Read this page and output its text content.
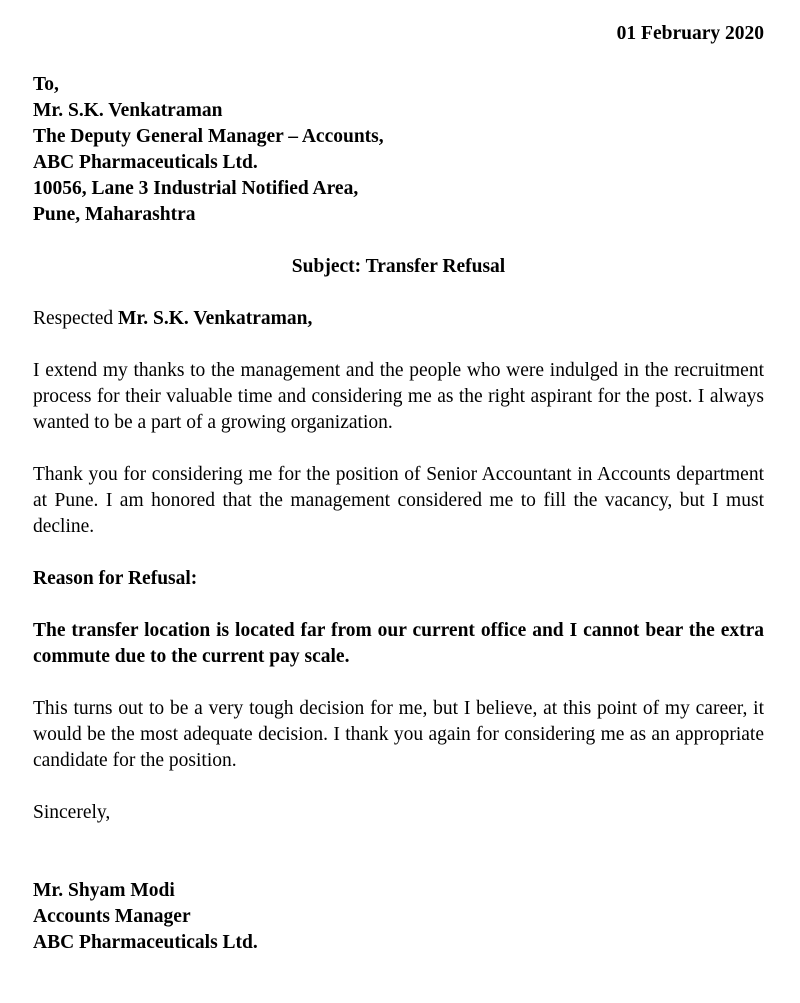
01 February 2020

To,
Mr. S.K. Venkatraman
The Deputy General Manager – Accounts,
ABC Pharmaceuticals Ltd.
10056, Lane 3 Industrial Notified Area,
Pune, Maharashtra

Subject: Transfer Refusal

Respected Mr. S.K. Venkatraman,

I extend my thanks to the management and the people who were indulged in the recruitment process for their valuable time and considering me as the right aspirant for the post. I always wanted to be a part of a growing organization.

Thank you for considering me for the position of Senior Accountant in Accounts department at Pune. I am honored that the management considered me to fill the vacancy, but I must decline.

Reason for Refusal:

The transfer location is located far from our current office and I cannot bear the extra commute due to the current pay scale.

This turns out to be a very tough decision for me, but I believe, at this point of my career, it would be the most adequate decision. I thank you again for considering me as an appropriate candidate for the position.

Sincerely,

Mr. Shyam Modi
Accounts Manager
ABC Pharmaceuticals Ltd.
